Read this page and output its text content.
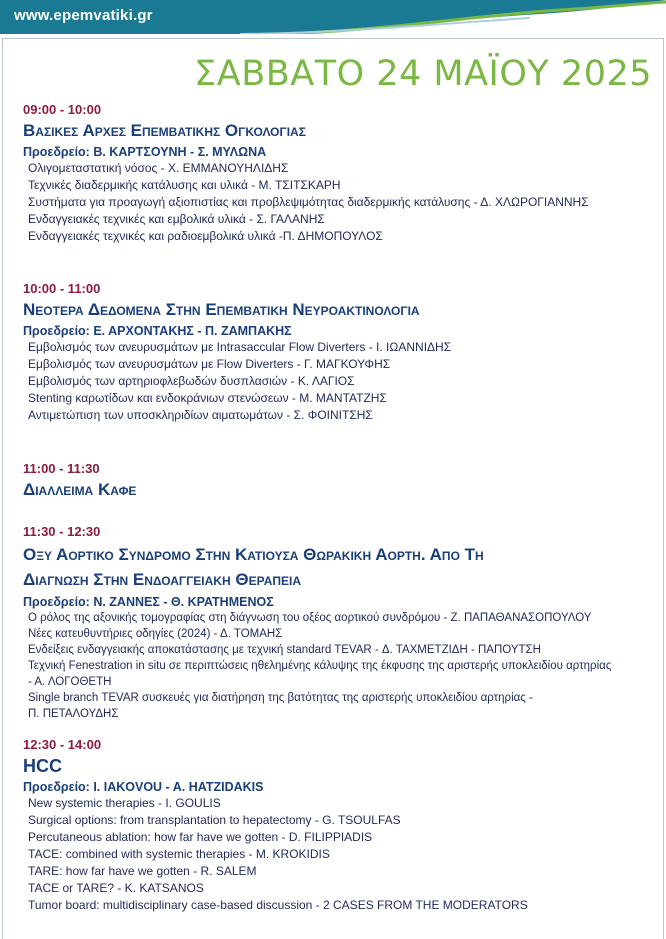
www.epemvatiki.gr
ΣΑΒΒΑΤΟ 24 ΜΑΪΟΥ 2025
09:00 - 10:00
Βασικες Αρχες Επεμβατικης Ογκολογιας
Προεδρείο: Β. ΚΑΡΤΣΟΥΝΗ - Σ. ΜΥΛΩΝΑ
Ολιγομεταστατική νόσος - Χ. ΕΜΜΑΝΟΥΗΛΙΔΗΣ
Τεχνικές διαδερμικής κατάλυσης και υλικά - Μ. ΤΣΙΤΣΚΑΡΗ
Συστήματα για προαγωγή αξιοπιστίας και προβλεψιμότητας διαδερμικής κατάλυσης - Δ. ΧΛΩΡΟΓΙΑΝΝΗΣ
Ενδαγγειακές τεχνικές και εμβολικά υλικά - Σ. ΓΑΛΑΝΗΣ
Ενδαγγειακές τεχνικές και ραδιοεμβολικά υλικά -Π. ΔΗΜΟΠΟΥΛΟΣ
10:00 - 11:00
Νεοτερα Δεδομενα Στην Επεμβατικη Νευροακτινολογια
Προεδρείο: Ε. ΑΡΧΟΝΤΑΚΗΣ - Π. ΖΑΜΠΑΚΗΣ
Εμβολισμός των ανευρυσμάτων με Intrasaccular Flow Diverters - Ι. ΙΩΑΝΝΙΔΗΣ
Εμβολισμός των ανευρυσμάτων με Flow Diverters - Γ. ΜΑΓΚΟΥΦΗΣ
Εμβολισμός των αρτηριοφλεβωδών δυσπλασιών - Κ. ΛΑΓΙΟΣ
Stenting καρωτίδων και ενδοκράνιων στενώσεων - Μ. ΜΑΝΤΑΤΖΗΣ
Αντιμετώπιση των υποσκληριδίων αιματωμάτων - Σ. ΦΟΙΝΙΤΣΗΣ
11:00 - 11:30
Διαλλειμα Καφε
11:30 - 12:30
Οξυ Αορτικο Συνδρομο Στην Κατιουσα Θωρακικη Αορτη. Απο Τη
Διαγνωση Στην Ενδοαγγειακη Θεραπεια
Προεδρείο: Ν. ΖΑΝΝΕΣ - Θ. ΚΡΑΤΗΜΕΝΟΣ
Ο ρόλος της αξονικής τομογραφίας στη διάγνωση του οξέος αορτικού συνδρόμου - Ζ. ΠΑΠΑΘΑΝΑΣΟΠΟΥΛΟΥ
Νέες κατευθυντήριες οδηγίες (2024) - Δ. ΤΟΜΑΗΣ
Ενδείξεις ενδαγγειακής αποκατάστασης με τεχνική standard TEVAR - Δ. ΤΑΧΜΕΤΖΙΔΗ - ΠΑΠΟΥΤΣΗ
Τεχνική Fenestration in situ σε περιπτώσεις ηθελημένης κάλυψης της έκφυσης της αριστερής υποκλειδίου αρτηρίας
- Α. ΛΟΓΟΘΕΤΗ
Single branch TEVAR συσκευές για διατήρηση της βατότητας της αριστερής υποκλειδίου αρτηρίας -
Π. ΠΕΤΑΛΟΥΔΗΣ
12:30 - 14:00
HCC
Προεδρείο: I. IAKOVOU - A. HATZIDAKIS
New systemic therapies - I. GOULIS
Surgical options: from transplantation to hepatectomy - G. TSOULFAS
Percutaneous ablation: how far have we gotten - D. FILIPPIADIS
TACE: combined with systemic therapies - M. KROKIDIS
TARE: how far have we gotten - R. SALEM
TACE or TARE? - K. KATSANOS
Tumor board: multidisciplinary case-based discussion - 2 CASES FROM THE MODERATORS
